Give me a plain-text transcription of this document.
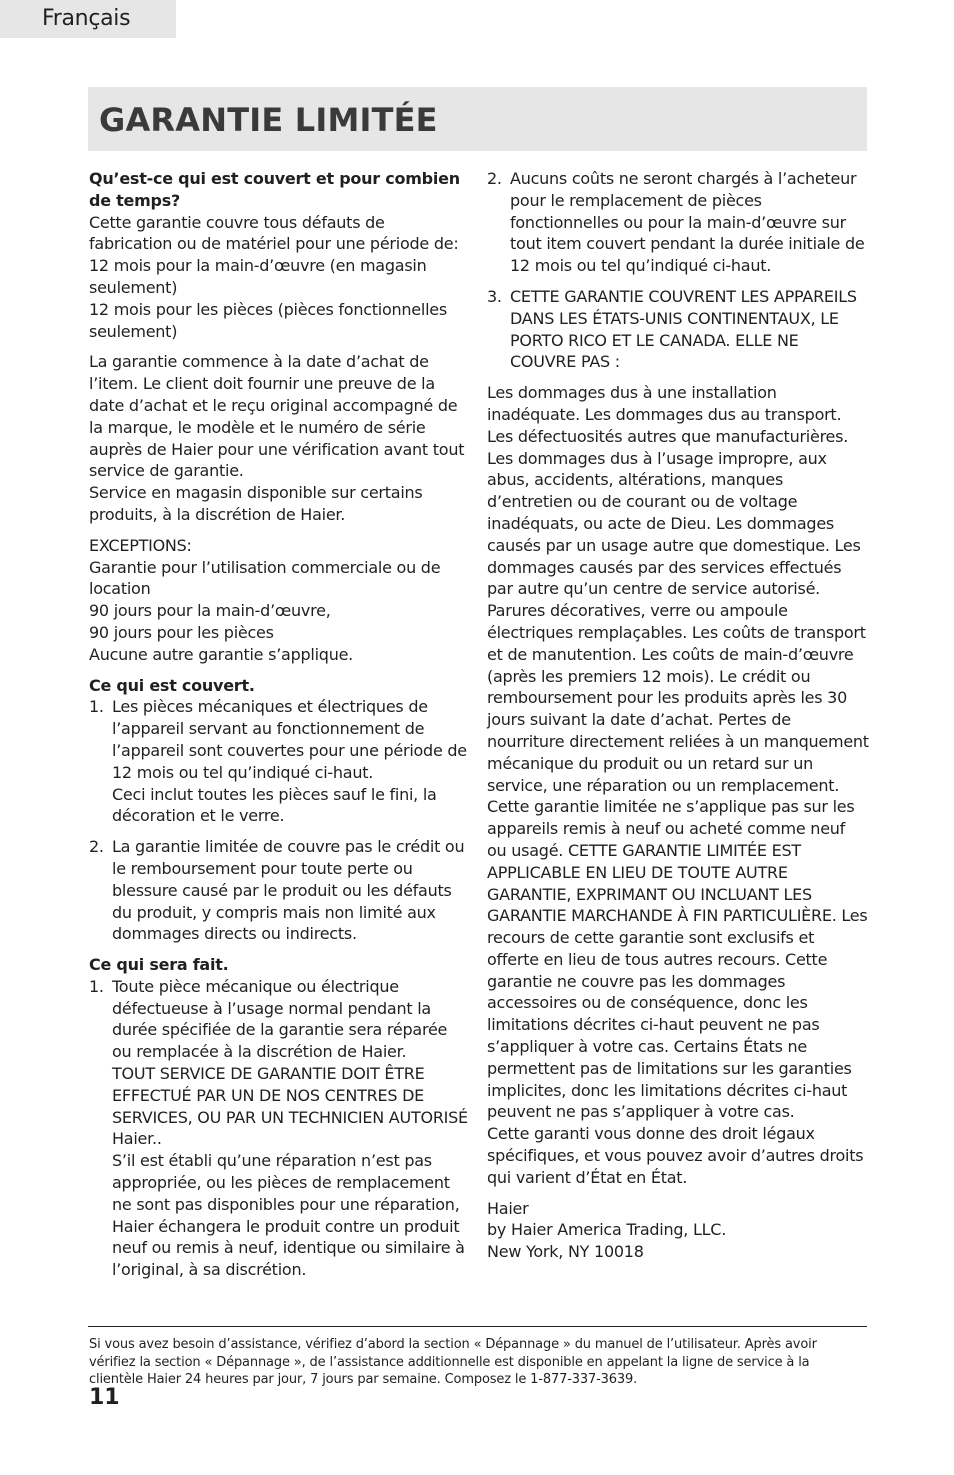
Français
GARANTIE LIMITÉE

Qu’est-ce qui est couvert et pour combien de temps?

Cette garantie couvre tous défauts de fabrication ou de matériel pour une période de:

12 mois pour la main-d’œuvre (en magasin seulement)

12 mois pour les pièces (pièces fonctionnelles seulement)

La garantie commence à la date d’achat de l’item. Le client doit fournir une preuve de la date d’achat et le reçu original accompagné de la marque, le modèle et le numéro de série auprès de Haier pour une vérification avant tout service de garantie.

Service en magasin disponible sur certains produits, à la discrétion de Haier.

EXCEPTIONS:

Garantie pour l’utilisation commerciale ou de location

90 jours pour la main-d’œuvre,

90 jours pour les pièces

Aucune autre garantie s’applique.

Ce qui est couvert.

1. Les pièces mécaniques et électriques de l’appareil servant au fonctionnement de l’appareil sont couvertes pour une période de 12 mois ou tel qu’indiqué ci-haut.

Ceci inclut toutes les pièces sauf le fini, la décoration et le verre.

2. La garantie limitée de couvre pas le crédit ou le remboursement pour toute perte ou blessure causé par le produit ou les défauts du produit, y compris mais non limité aux dommages directs ou indirects.

Ce qui sera fait.

1. Toute pièce mécanique ou électrique défectueuse à l’usage normal pendant la durée spécifiée de la garantie sera réparée ou remplacée à la discrétion de Haier.

TOUT SERVICE DE GARANTIE DOIT ÊTRE EFFECTUÉ PAR UN DE NOS CENTRES DE SERVICES, OU PAR UN TECHNICIEN AUTORISÉ Haier..

S’il est établi qu’une réparation n’est pas appropriée, ou les pièces de remplacement ne sont pas disponibles pour une réparation, Haier échangera le produit contre un produit neuf ou remis à neuf, identique ou similaire à l’original, à sa discrétion.

2. Aucuns coûts ne seront chargés à l’acheteur pour le remplacement de pièces fonctionnelles ou pour la main-d’œuvre sur tout item couvert pendant la durée initiale de 12 mois ou tel qu’indiqué ci-haut.
3. CETTE GARANTIE COUVRENT LES APPAREILS DANS LES ÉTATS-UNIS CONTINENTAUX, LE PORTO RICO ET LE CANADA. ELLE NE COUVRE PAS :

Les dommages dus à une installation inadéquate. Les dommages dus au transport. Les défectuosités autres que manufacturières. Les dommages dus à l’usage impropre, aux abus, accidents, altérations, manques d’entretien ou de courant ou de voltage inadéquats, ou acte de Dieu. Les dommages causés par un usage autre que domestique. Les dommages causés par des services effectués par autre qu’un centre de service autorisé. Parures décoratives, verre ou ampoule électriques remplaçables. Les coûts de transport et de manutention. Les coûts de main-d’œuvre (après les premiers 12 mois). Le crédit ou remboursement pour les produits après les 30 jours suivant la date d’achat. Pertes de nourriture directement reliées à un manquement mécanique du produit ou un retard sur un service, une réparation ou un remplacement. Cette garantie limitée ne s’applique pas sur les appareils remis à neuf ou acheté comme neuf ou usagé. CETTE GARANTIE LIMITÉE EST APPLICABLE EN LIEU DE TOUTE AUTRE GARANTIE, EXPRIMANT OU INCLUANT LES GARANTIE MARCHANDE À FIN PARTICULIÈRE. Les recours de cette garantie sont exclusifs et offerte en lieu de tous autres recours. Cette garantie ne couvre pas les dommages accessoires ou de conséquence, donc les limitations décrites ci-haut peuvent ne pas s’appliquer à votre cas. Certains États ne permettent pas de limitations sur les garanties implicites, donc les limitations décrites ci-haut peuvent ne pas s’appliquer à votre cas.

Cette garanti vous donne des droit légaux spécifiques, et vous pouvez avoir d’autres droits qui varient d’État en État.

Haier

by Haier America Trading, LLC.

New York, NY 10018

Si vous avez besoin d’assistance, vérifiez d’abord la section « Dépannage » du manuel de l’utilisateur. Après avoir vérifiez la section « Dépannage », de l’assistance additionnelle est disponible en appelant la ligne de service à la clientèle Haier 24 heures par jour, 7 jours par semaine. Composez le 1-877-337-3639.

11
